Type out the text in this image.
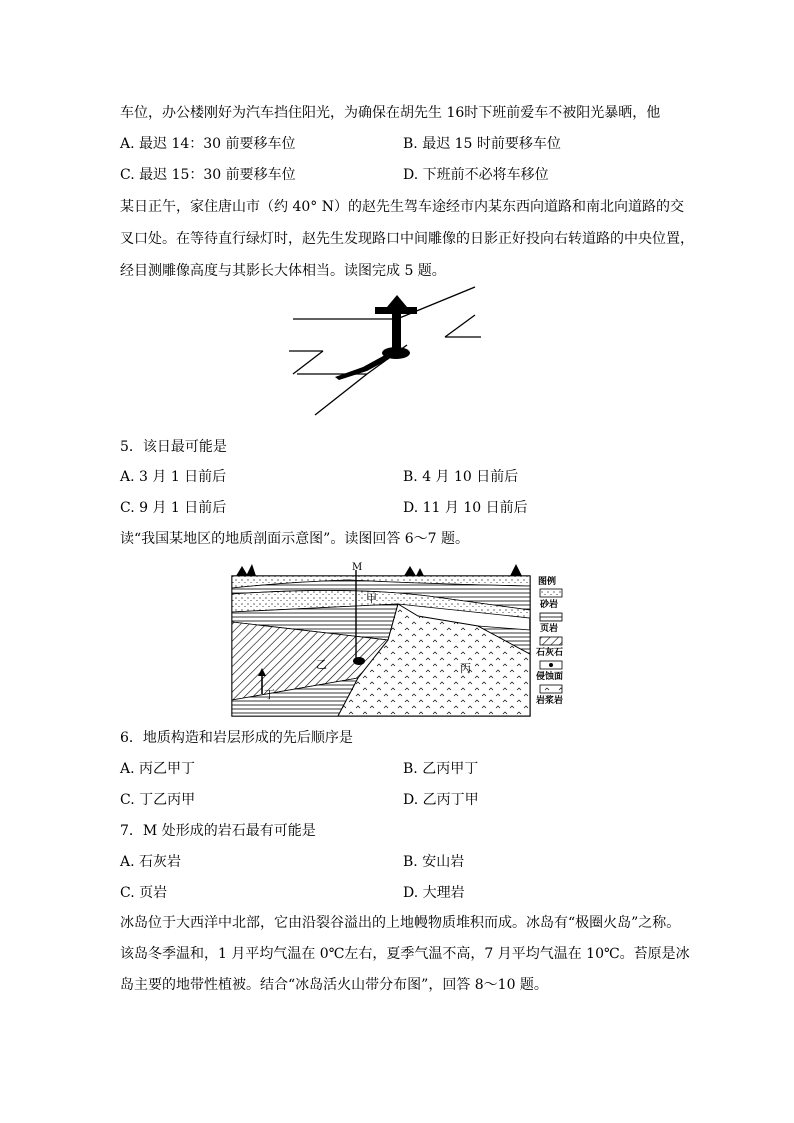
车位，办公楼刚好为汽车挡住阳光，为确保在胡先生 16时下班前爱车不被阳光暴晒，他
A. 最迟 14：30 前要移车位	B. 最迟 15 时前要移车位
C. 最迟 15：30 前要移车位	D. 下班前不必将车移位
某日正午，家住唐山市（约 40° N）的赵先生驾车途经市内某东西向道路和南北向道路的交
叉口处。在等待直行绿灯时，赵先生发现路口中间雕像的日影正好投向右转道路的中央位置，
经目测雕像高度与其影长大体相当。读图完成 5 题。
5．该日最可能是
A. 3 月 1 日前后	B. 4 月 10 日前后
C. 9 月 1 日前后	D. 11 月 10 日前后
读“我国某地区的地质剖面示意图”。读图回答 6～7 题。
M
甲
乙	丙
丁
图例
砂岩
页岩
石灰石
侵蚀面
岩浆岩
6．地质构造和岩层形成的先后顺序是
A. 丙乙甲丁	B. 乙丙甲丁
C. 丁乙丙甲	D. 乙丙丁甲
7．M 处形成的岩石最有可能是
A. 石灰岩	B. 安山岩
C. 页岩	D. 大理岩
冰岛位于大西洋中北部，它由沿裂谷溢出的上地幔物质堆积而成。冰岛有“极圈火岛”之称。
该岛冬季温和，1 月平均气温在 0℃左右，夏季气温不高，7 月平均气温在 10℃。苔原是冰
岛主要的地带性植被。结合“冰岛活火山带分布图”，回答 8～10 题。
